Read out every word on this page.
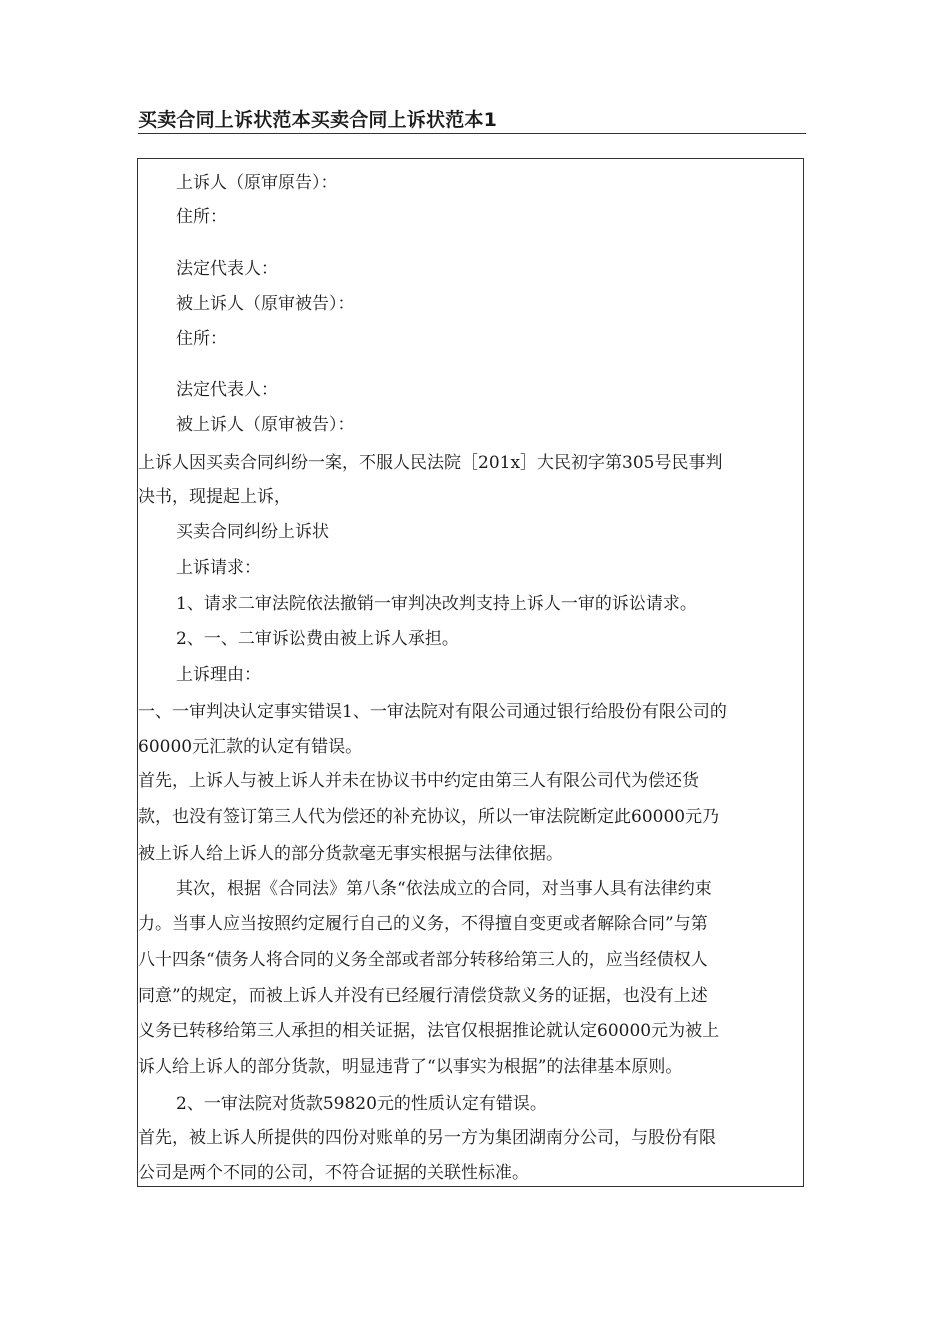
买卖合同上诉状范本买卖合同上诉状范本1
上诉人（原审原告）：
住所：
法定代表人：
被上诉人（原审被告）：
住所：
法定代表人：
被上诉人（原审被告）：
上诉人因买卖合同纠纷一案，不服人民法院［201x］大民初字第305号民事判
决书，现提起上诉，
买卖合同纠纷上诉状
上诉请求：
1、请求二审法院依法撤销一审判决改判支持上诉人一审的诉讼请求。
2、一、二审诉讼费由被上诉人承担。
上诉理由：
一、一审判决认定事实错误1、一审法院对有限公司通过银行给股份有限公司的
60000元汇款的认定有错误。
首先，上诉人与被上诉人并未在协议书中约定由第三人有限公司代为偿还货
款，也没有签订第三人代为偿还的补充协议，所以一审法院断定此60000元乃
被上诉人给上诉人的部分货款毫无事实根据与法律依据。
其次，根据《合同法》第八条“依法成立的合同，对当事人具有法律约束
力。当事人应当按照约定履行自己的义务，不得擅自变更或者解除合同”与第
八十四条“债务人将合同的义务全部或者部分转移给第三人的，应当经债权人
同意”的规定，而被上诉人并没有已经履行清偿贷款义务的证据，也没有上述
义务已转移给第三人承担的相关证据，法官仅根据推论就认定60000元为被上
诉人给上诉人的部分货款，明显违背了“以事实为根据”的法律基本原则。
2、一审法院对货款59820元的性质认定有错误。
首先，被上诉人所提供的四份对账单的另一方为集团湖南分公司，与股份有限
公司是两个不同的公司，不符合证据的关联性标准。
